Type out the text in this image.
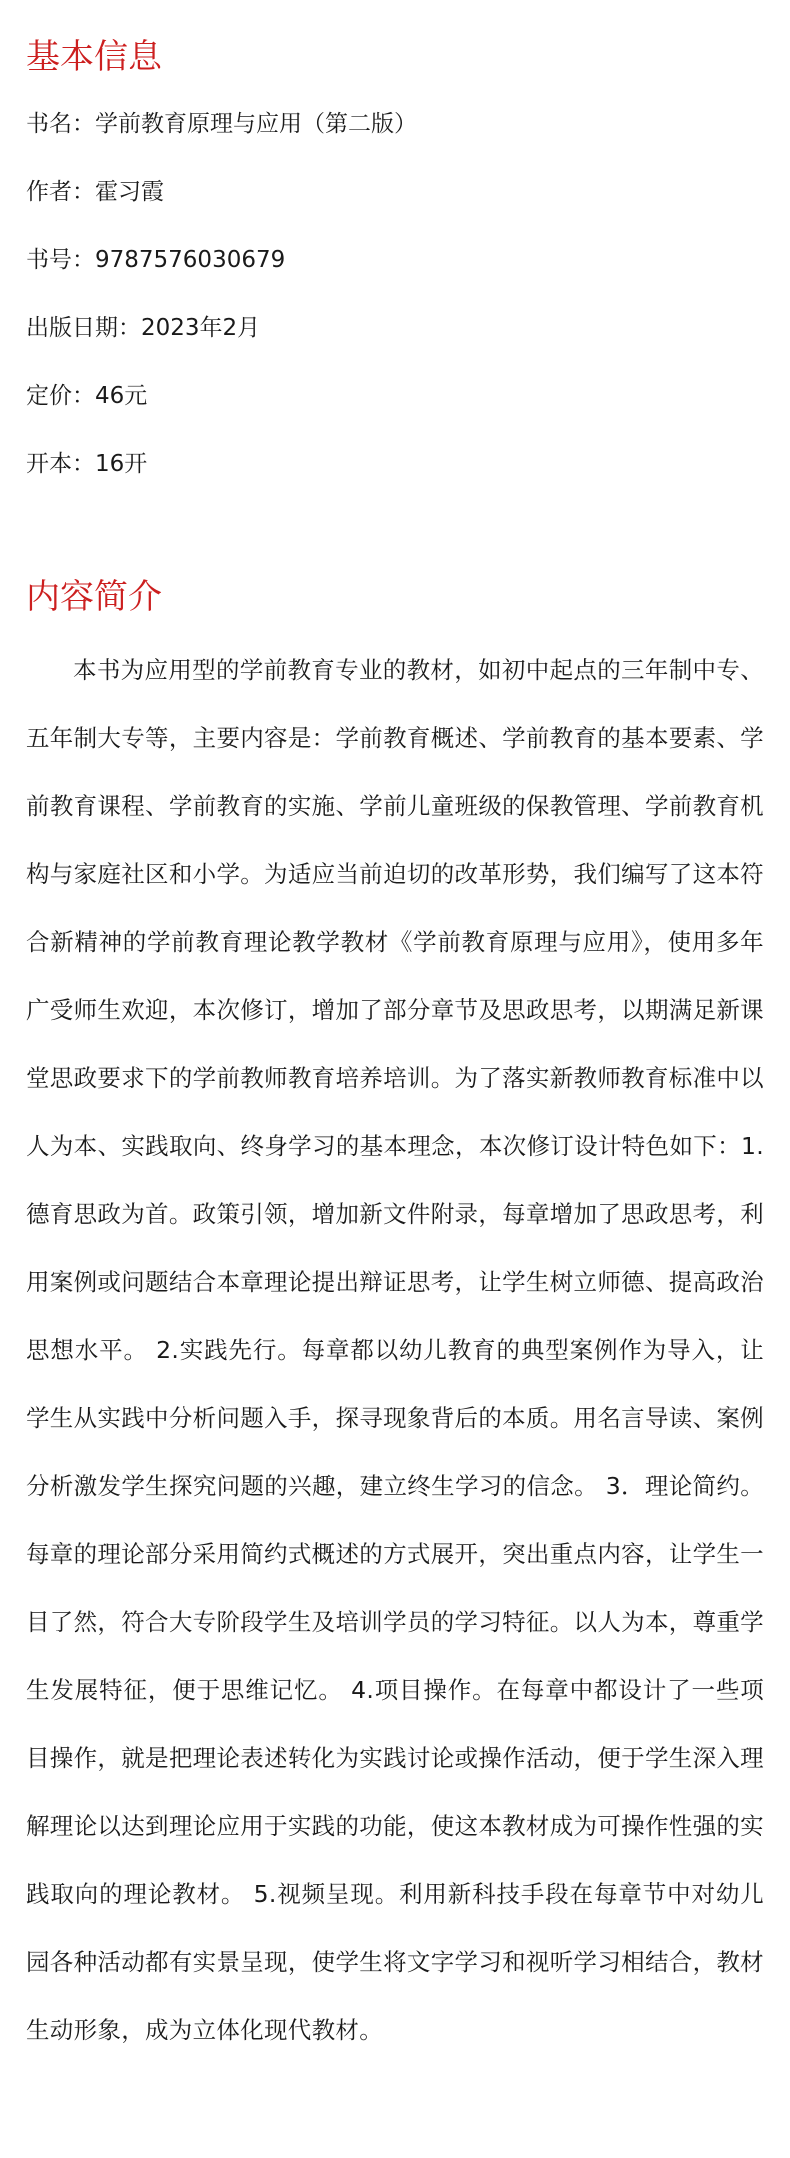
基本信息
书名：学前教育原理与应用（第二版）
作者：霍习霞
书号：9787576030679
出版日期：2023年2月
定价：46元
开本：16开
内容简介

本书为应用型的学前教育专业的教材，如初中起点的三年制中专、五年制大专等，主要内容是：学前教育概述、学前教育的基本要素、学前教育课程、学前教育的实施、学前儿童班级的保教管理、学前教育机构与家庭社区和小学。为适应当前迫切的改革形势，我们编写了这本符合新精神的学前教育理论教学教材《学前教育原理与应用》，使用多年广受师生欢迎，本次修订，增加了部分章节及思政思考，以期满足新课堂思政要求下的学前教师教育培养培训。为了落实新教师教育标准中以人为本、实践取向、终身学习的基本理念，本次修订设计特色如下：1.德育思政为首。政策引领，增加新文件附录，每章增加了思政思考，利用案例或问题结合本章理论提出辩证思考，让学生树立师德、提高政治思想水平。 2.实践先行。每章都以幼儿教育的典型案例作为导入，让学生从实践中分析问题入手，探寻现象背后的本质。用名言导读、案例分析激发学生探究问题的兴趣，建立终生学习的信念。 3．理论简约。每章的理论部分采用简约式概述的方式展开，突出重点内容，让学生一目了然，符合大专阶段学生及培训学员的学习特征。以人为本，尊重学生发展特征，便于思维记忆。 4.项目操作。在每章中都设计了一些项目操作，就是把理论表述转化为实践讨论或操作活动，便于学生深入理解理论以达到理论应用于实践的功能，使这本教材成为可操作性强的实践取向的理论教材。 5.视频呈现。利用新科技手段在每章节中对幼儿园各种活动都有实景呈现，使学生将文字学习和视听学习相结合，教材生动形象，成为立体化现代教材。
